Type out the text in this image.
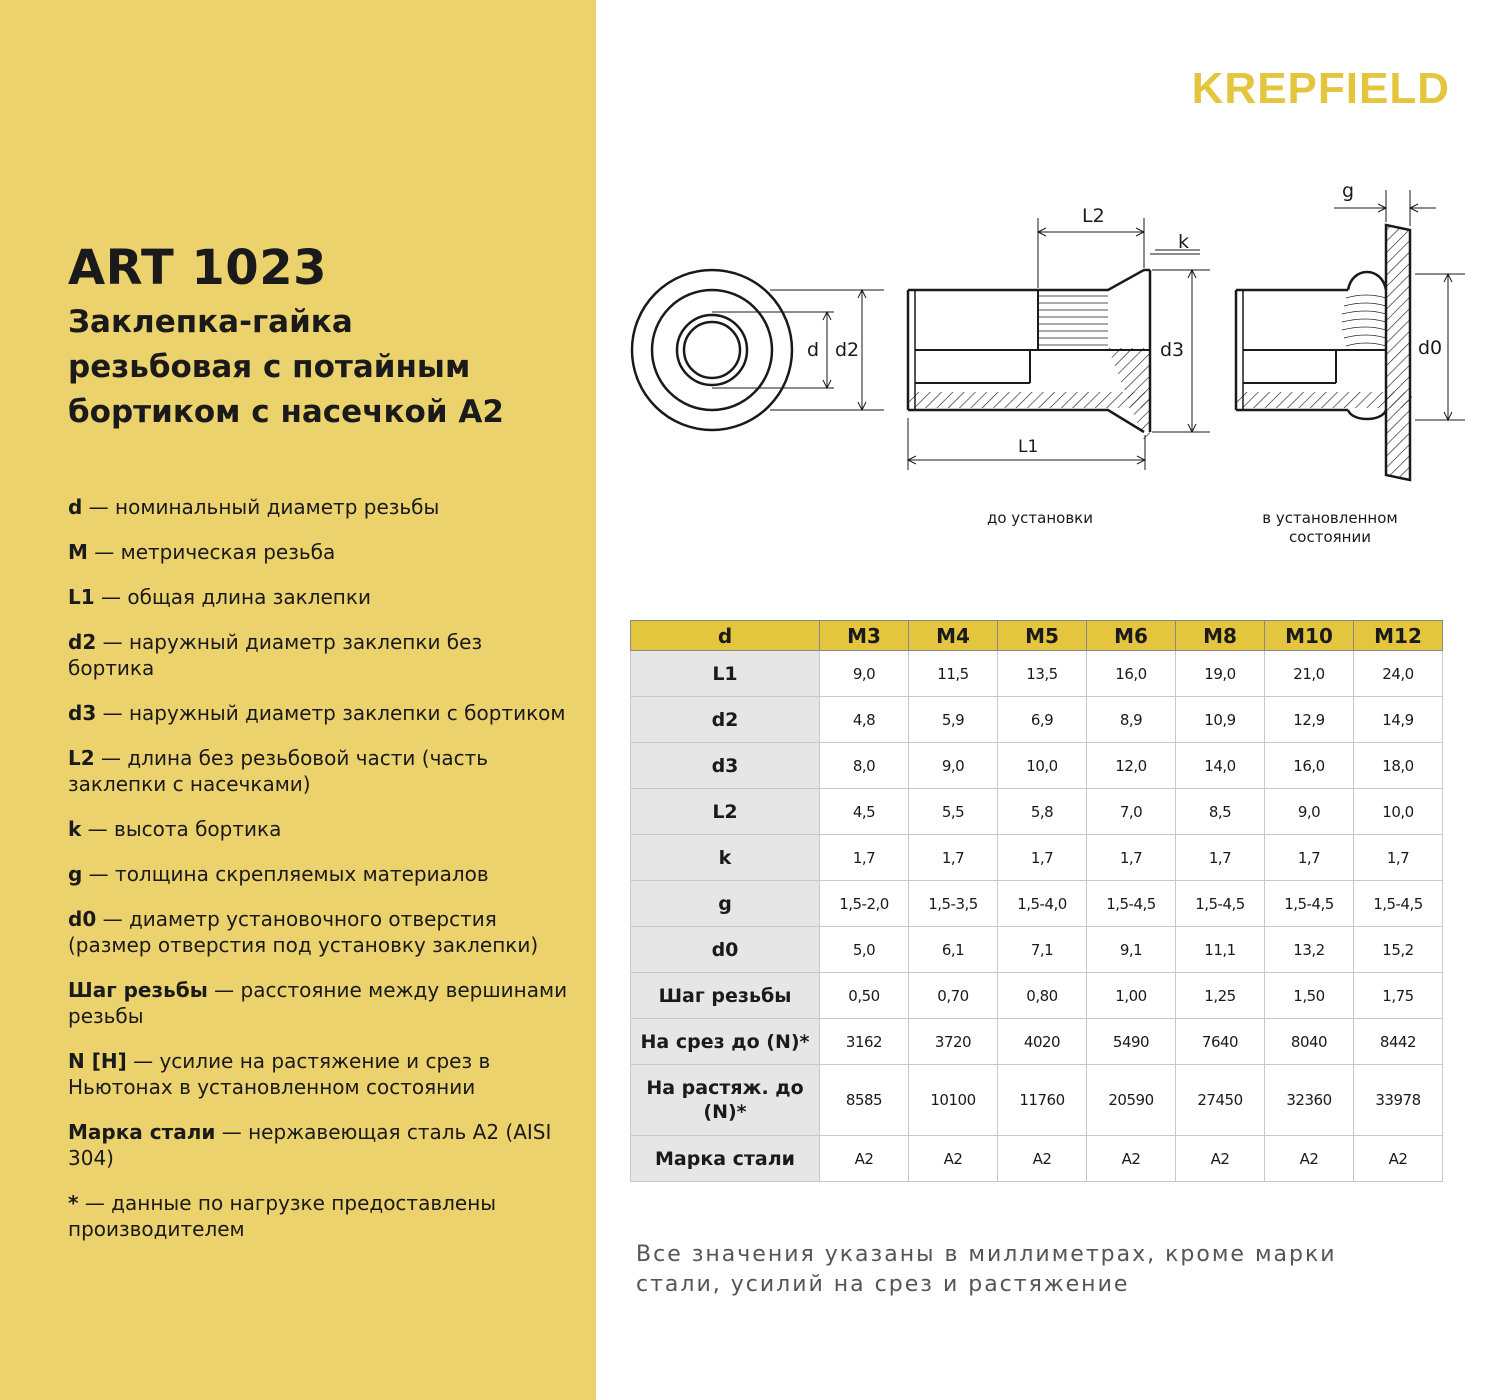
ART 1023
Заклепка-гайка
резьбовая с потайным
бортиком с насечкой А2
d — номинальный диаметр резьбы
M — метрическая резьба
L1 — общая длина заклепки
d2 — наружный диаметр заклепки без бортика
d3 — наружный диаметр заклепки с бортиком
L2 — длина без резьбовой части (часть заклепки с насечками)
k — высота бортика
g — толщина скрепляемых материалов
d0 — диаметр установочного отверстия (размер отверстия под установку заклепки)
Шаг резьбы — расстояние между вершинами резьбы
N [H] — усилие на растяжение и срез в Ньютонах в установленном состоянии
Марка стали — нержавеющая сталь А2 (AISI 304)
* — данные по нагрузке предоставлены производителем
KREPFIELD
d d2
L2
k
d3
L1
g
d0
до установки	в установленном состоянии
d	М3	М4	М5	М6	М8	М10	М12
L1	9,0	11,5	13,5	16,0	19,0	21,0	24,0
d2	4,8	5,9	6,9	8,9	10,9	12,9	14,9
d3	8,0	9,0	10,0	12,0	14,0	16,0	18,0
L2	4,5	5,5	5,8	7,0	8,5	9,0	10,0
k	1,7	1,7	1,7	1,7	1,7	1,7	1,7
g	1,5-2,0	1,5-3,5	1,5-4,0	1,5-4,5	1,5-4,5	1,5-4,5	1,5-4,5
d0	5,0	6,1	7,1	9,1	11,1	13,2	15,2
Шаг резьбы	0,50	0,70	0,80	1,00	1,25	1,50	1,75
На срез до (N)*	3162	3720	4020	5490	7640	8040	8442
На растяж. до (N)*	8585	10100	11760	20590	27450	32360	33978
Марка стали	A2	A2	A2	A2	A2	A2	A2
Все значения указаны в миллиметрах, кроме марки стали, усилий на срез и растяжение
